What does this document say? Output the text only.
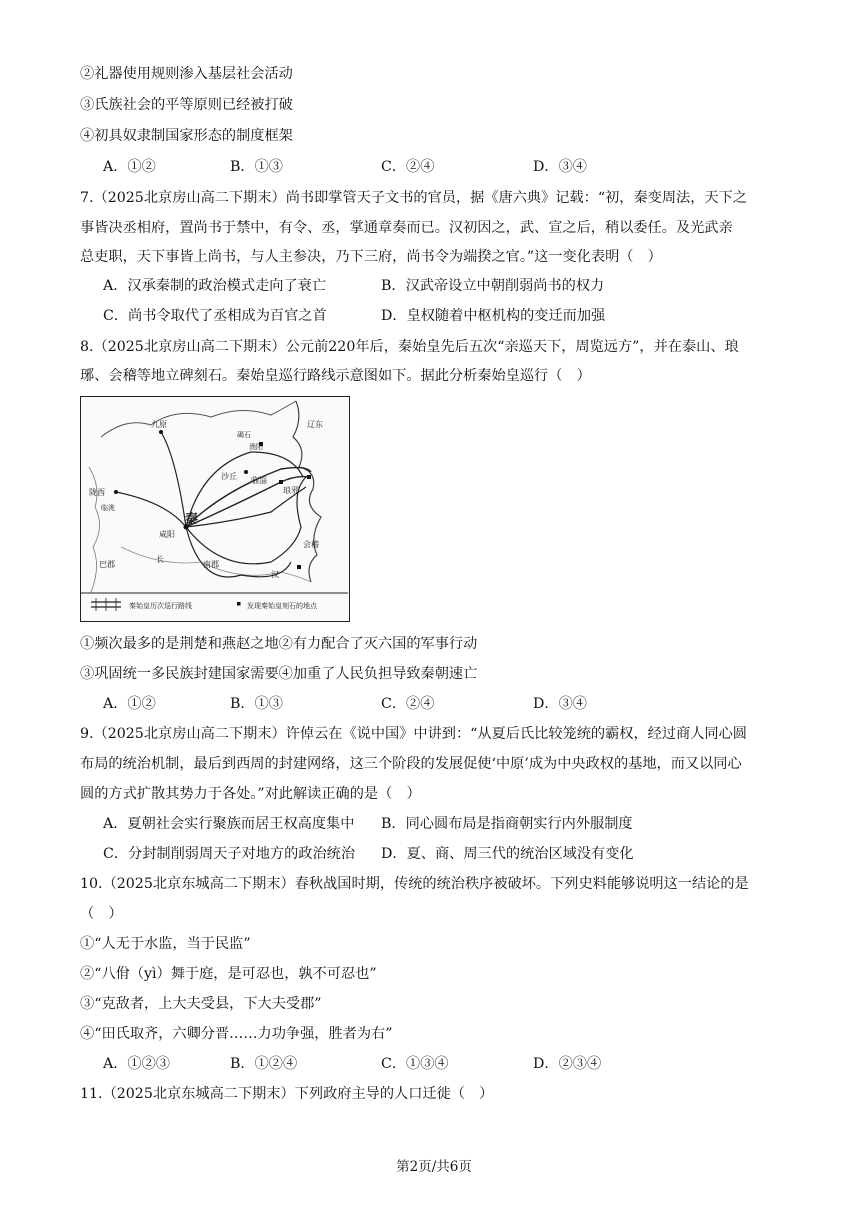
②礼器使用规则渗入基层社会活动
③氏族社会的平等原则已经被打破
④初具奴隶制国家形态的制度框架
A．①②	B．①③	C．②④	D．③④
7.（2025北京房山高二下期末）尚书即掌管天子文书的官员，据《唐六典》记载：“初，秦变周法，天下之
事皆决丞相府，置尚书于禁中，有令、丞，掌通章奏而已。汉初因之，武、宣之后，稍以委任。及光武亲
总吏职，天下事皆上尚书，与人主参决，乃下三府，尚书令为端揆之官。”这一变化表明（　）
A．汉承秦制的政治模式走向了衰亡	B．汉武帝设立中朝削弱尚书的权力
C．尚书令取代了丞相成为百官之首	D．皇权随着中枢机构的变迁而加强
8.（2025北京房山高二下期末）公元前220年后，秦始皇先后五次“亲巡天下，周览远方”，并在泰山、琅
琊、会稽等地立碑刻石。秦始皇巡行路线示意图如下。据此分析秦始皇巡行（　）
辽东
九原
碣石
渔阳
沙丘 临淄
琅邪
陇西
临洮
咸阳
秦
会稽
南郡
巴郡
长
汉
秦始皇历次巡行路线	发现秦始皇刻石的地点
①频次最多的是荆楚和燕赵之地②有力配合了灭六国的军事行动
③巩固统一多民族封建国家需要④加重了人民负担导致秦朝速亡
A．①②	B．①③	C．②④	D．③④
9.（2025北京房山高二下期末）许倬云在《说中国》中讲到：“从夏后氏比较笼统的霸权，经过商人同心圆
布局的统治机制，最后到西周的封建网络，这三个阶段的发展促使‘中原’成为中央政权的基地，而又以同心
圆的方式扩散其势力于各处。”对此解读正确的是（　）
A．夏朝社会实行聚族而居王权高度集中 B．同心圆布局是指商朝实行内外服制度
C．分封制削弱周天子对地方的政治统治 D．夏、商、周三代的统治区域没有变化
10.（2025北京东城高二下期末）春秋战国时期，传统的统治秩序被破坏。下列史料能够说明这一结论的是
（　）
①“人无于水监，当于民监”
②“八佾（yì）舞于庭，是可忍也，孰不可忍也”
③“克敌者，上大夫受县，下大夫受郡”
④“田氏取齐，六卿分晋……力功争强，胜者为右”
A．①②③	B．①②④	C．①③④	D．②③④
11.（2025北京东城高二下期末）下列政府主导的人口迁徙（　）
第2页/共6页
